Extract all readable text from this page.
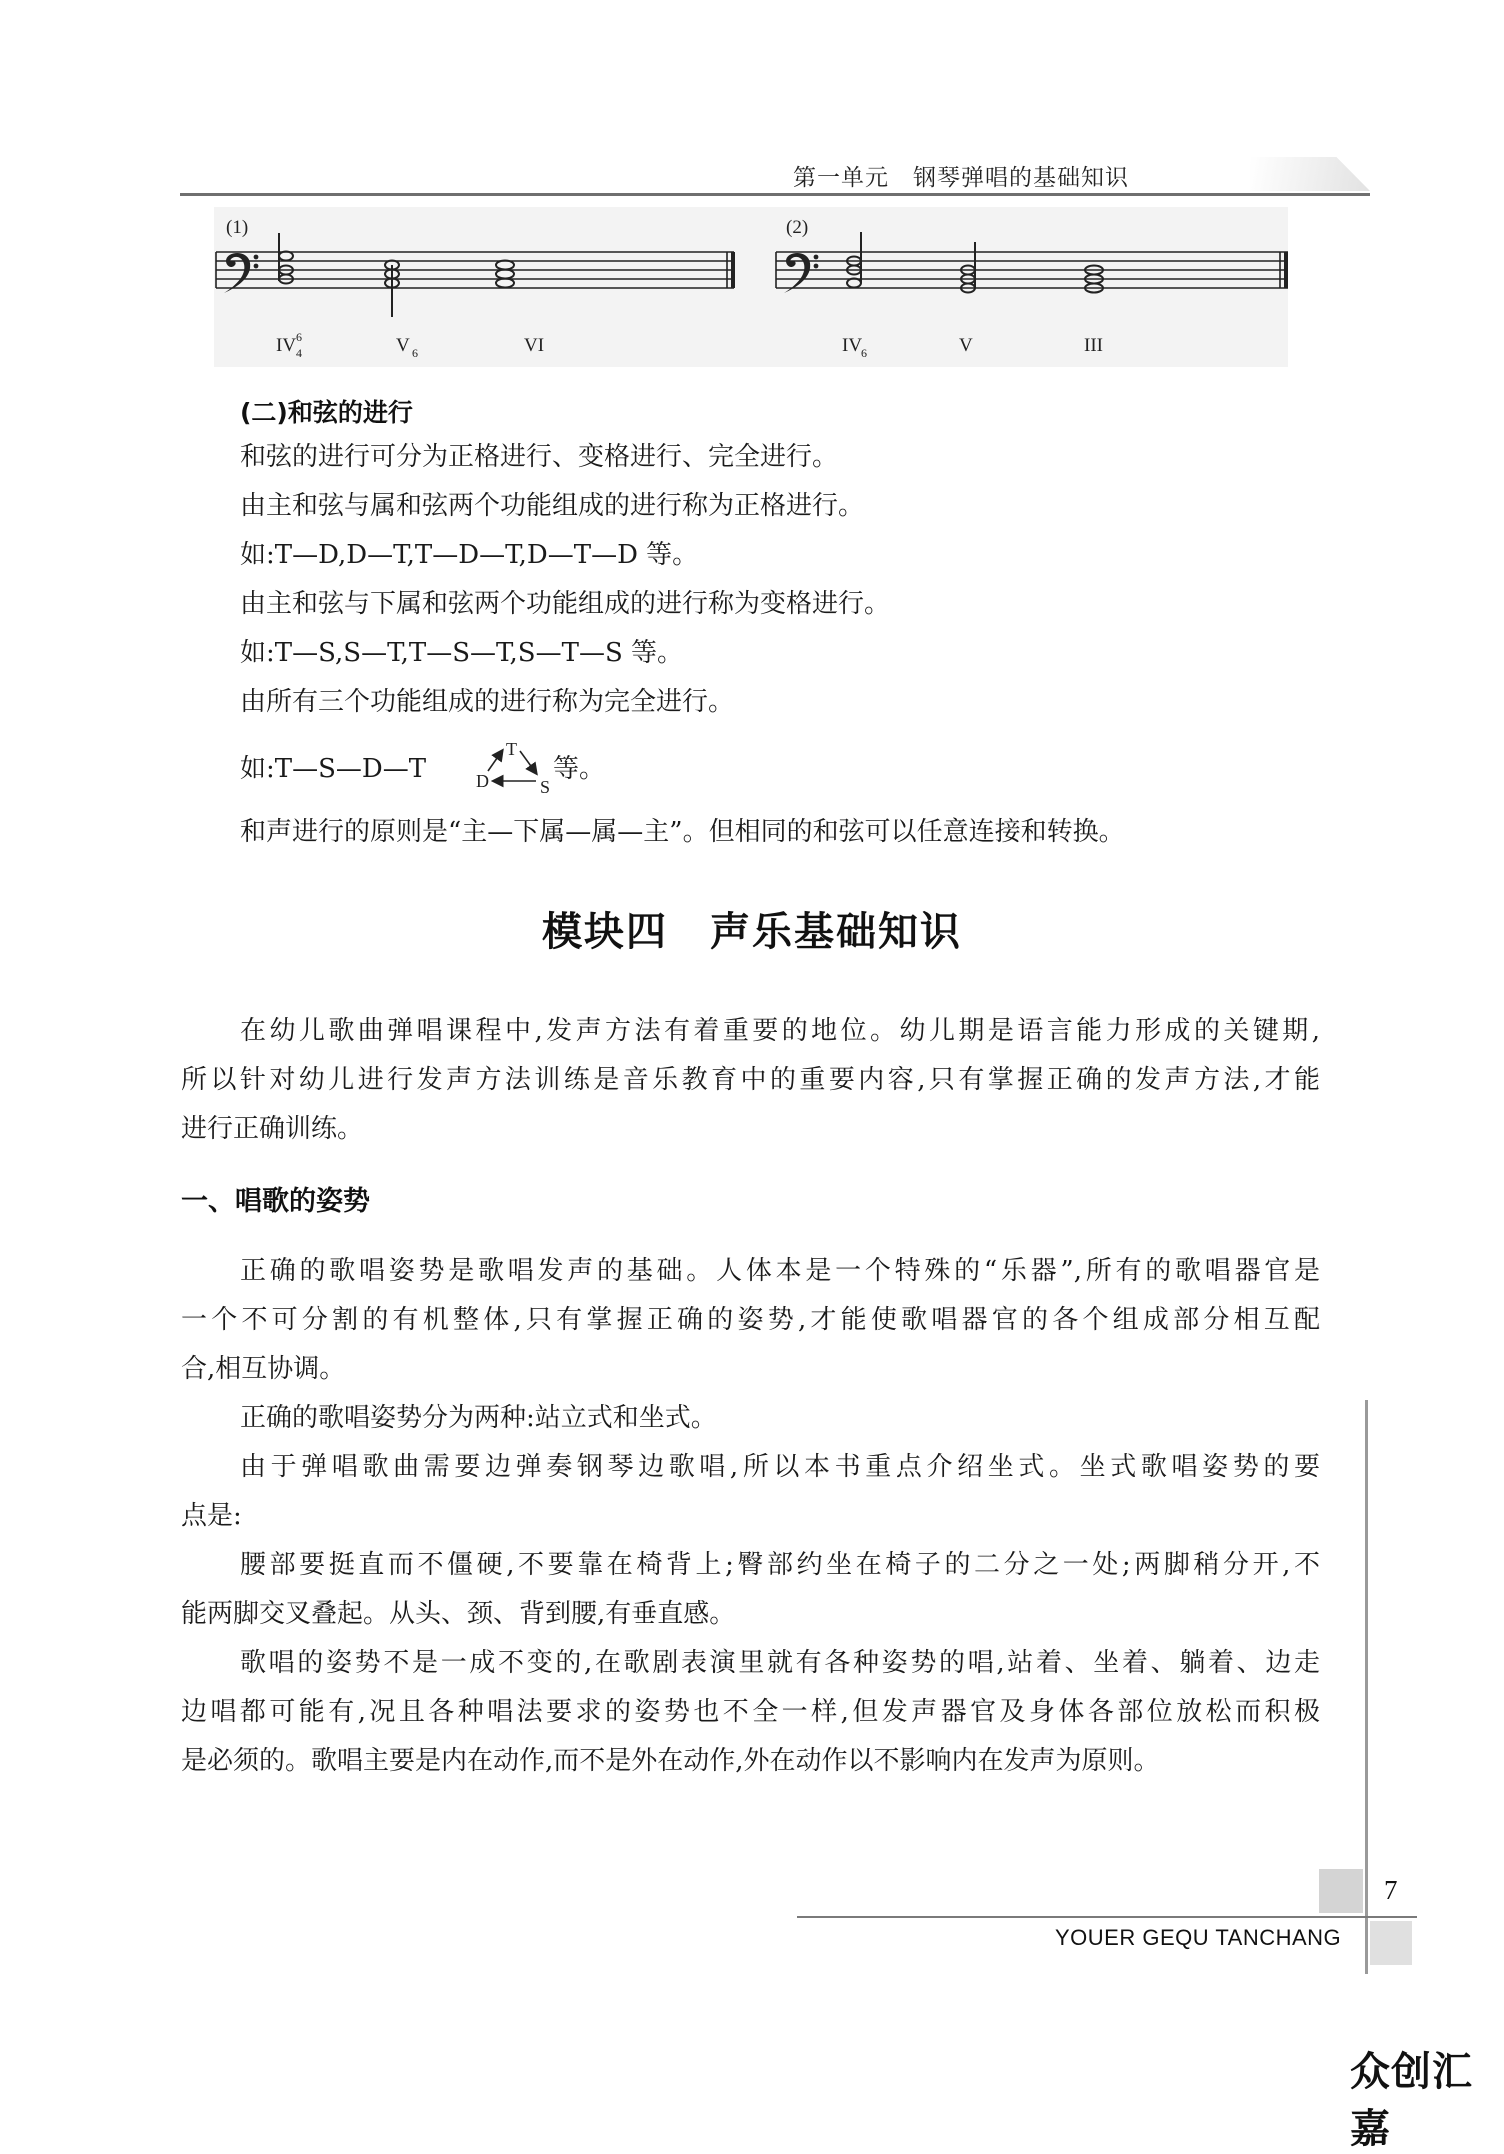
第一单元　钢琴弹唱的基础知识
(1)	(2)
IV 6
4	V 6	VI	IV
6	V	III
(二)和弦的进行
和弦的进行可分为正格进行、变格进行、完全进行。
由主和弦与属和弦两个功能组成的进行称为正格进行。
如:T—D,D—T,T—D—T,D—T—D 等。
由主和弦与下属和弦两个功能组成的进行称为变格进行。
如:T—S,S—T,T—S—T,S—T—S 等。
由所有三个功能组成的进行称为完全进行。
如:T—S—D—T
T
D	S
等。
和声进行的原则是“主—下属—属—主”。但相同的和弦可以任意连接和转换。
模块四　声乐基础知识
在幼儿歌曲弹唱课程中,发声方法有着重要的地位。幼儿期是语言能力形成的关键期,
所以针对幼儿进行发声方法训练是音乐教育中的重要内容,只有掌握正确的发声方法,才能
进行正确训练。
一、唱歌的姿势
正确的歌唱姿势是歌唱发声的基础。人体本是一个特殊的“乐器”,所有的歌唱器官是
一个不可分割的有机整体,只有掌握正确的姿势,才能使歌唱器官的各个组成部分相互配
合,相互协调。
正确的歌唱姿势分为两种:站立式和坐式。
由于弹唱歌曲需要边弹奏钢琴边歌唱,所以本书重点介绍坐式。坐式歌唱姿势的要
点是:
腰部要挺直而不僵硬,不要靠在椅背上;臀部约坐在椅子的二分之一处;两脚稍分开,不
能两脚交叉叠起。从头、颈、背到腰,有垂直感。
歌唱的姿势不是一成不变的,在歌剧表演里就有各种姿势的唱,站着、坐着、躺着、边走
边唱都可能有,况且各种唱法要求的姿势也不全一样,但发声器官及身体各部位放松而积极
是必须的。歌唱主要是内在动作,而不是外在动作,外在动作以不影响内在发声为原则。
7
YOUER GEQU TANCHANG
众创汇嘉
